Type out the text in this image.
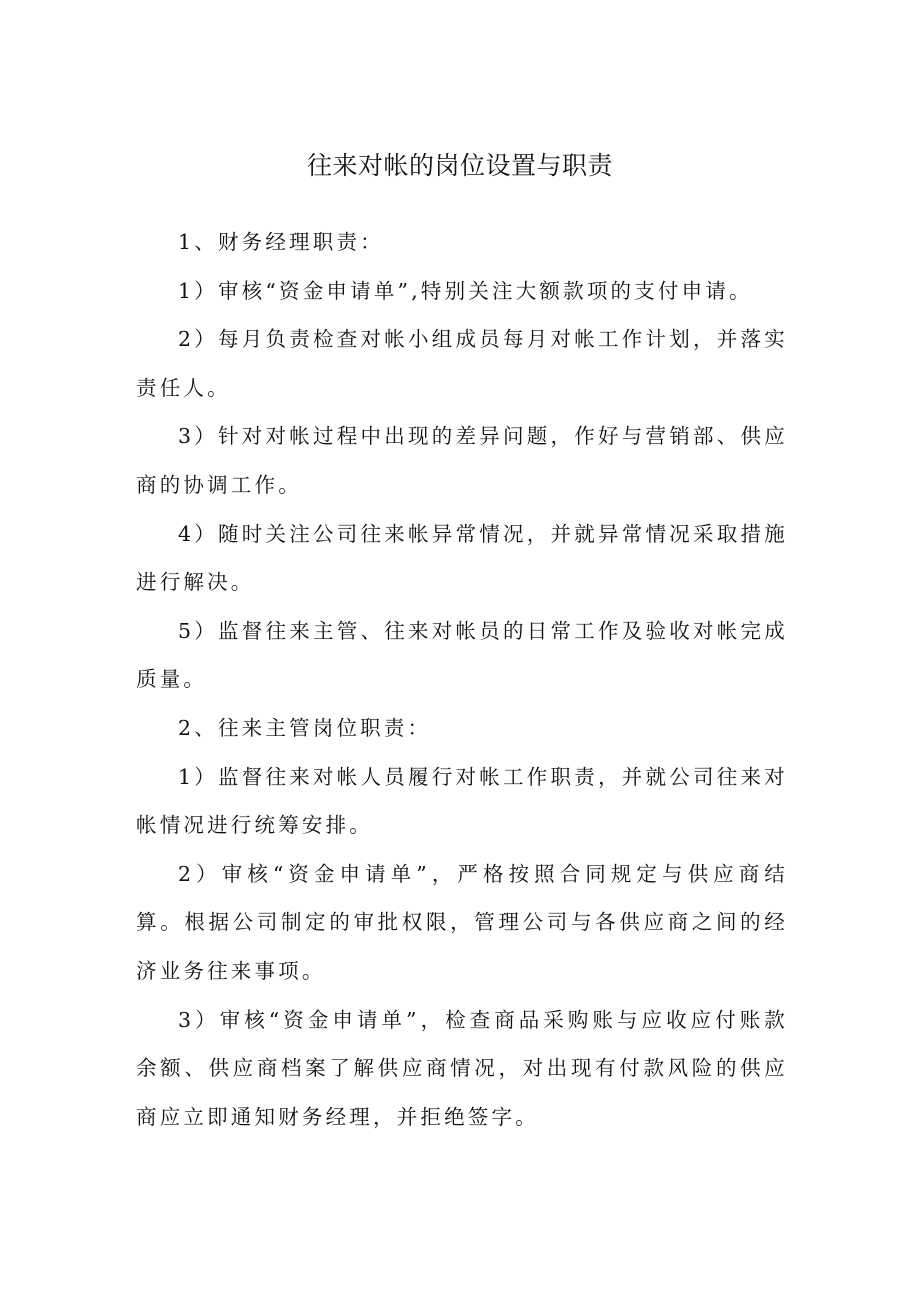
往来对帐的岗位设置与职责

1、财务经理职责：

1）审核“资金申请单”,特别关注大额款项的支付申请。

2）每月负责检查对帐小组成员每月对帐工作计划，并落实责任人。

3）针对对帐过程中出现的差异问题，作好与营销部、供应商的协调工作。

4）随时关注公司往来帐异常情况，并就异常情况采取措施进行解决。

5）监督往来主管、往来对帐员的日常工作及验收对帐完成质量。

2、往来主管岗位职责：

1）监督往来对帐人员履行对帐工作职责，并就公司往来对帐情况进行统筹安排。

2）审核“资金申请单”，严格按照合同规定与供应商结算。根据公司制定的审批权限，管理公司与各供应商之间的经济业务往来事项。

3）审核“资金申请单”，检查商品采购账与应收应付账款余额、供应商档案了解供应商情况，对出现有付款风险的供应商应立即通知财务经理，并拒绝签字。
